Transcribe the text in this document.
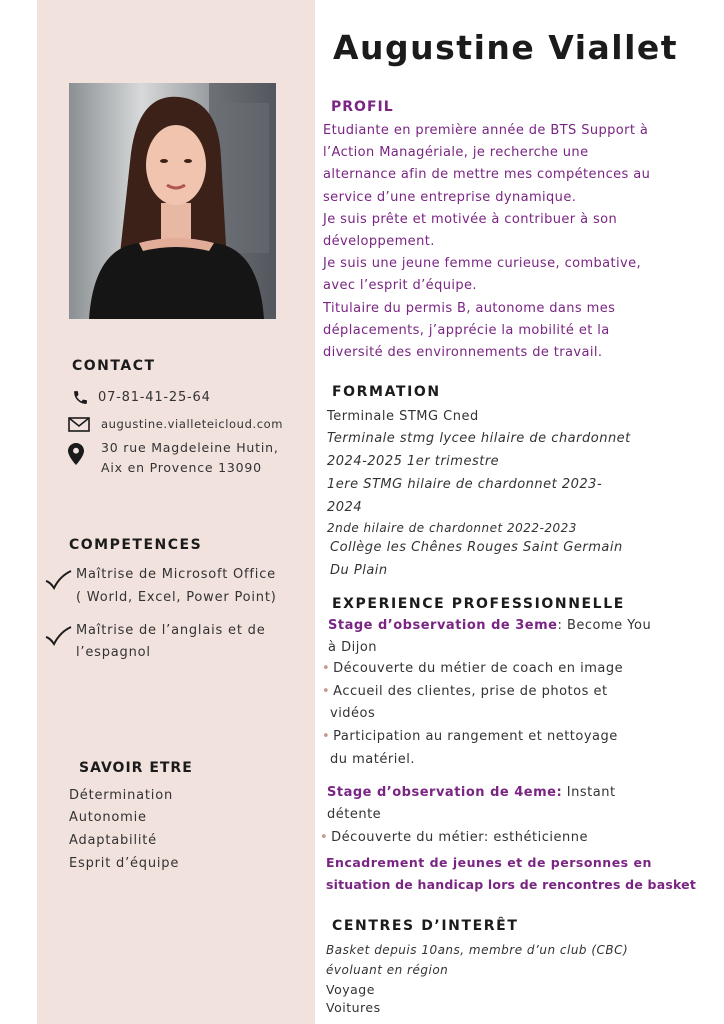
Augustine Viallet
CONTACT
07-81-41-25-64
augustine.vialleteicloud.com
30 rue Magdeleine Hutin,
Aix en Provence 13090
COMPETENCES
Maîtrise de Microsoft Office
( World, Excel, Power Point)
Maîtrise de l’anglais et de
l’espagnol
SAVOIR ETRE
Détermination
Autonomie
Adaptabilité
Esprit d’équipe
PROFIL
Etudiante en première année de BTS Support à
l’Action Managériale, je recherche une
alternance afin de mettre mes compétences au
service d’une entreprise dynamique.
Je suis prête et motivée à contribuer à son
développement.
Je suis une jeune femme curieuse, combative,
avec l’esprit d’équipe.
Titulaire du permis B, autonome dans mes
déplacements, j’apprécie la mobilité et la
diversité des environnements de travail.
FORMATION
Terminale STMG Cned
Terminale stmg lycee hilaire de chardonnet
2024-2025 1er trimestre
1ere STMG hilaire de chardonnet 2023-
2024
2nde hilaire de chardonnet 2022-2023
Collège les Chênes Rouges Saint Germain
Du Plain
EXPERIENCE PROFESSIONNELLE
Stage d’observation de 3eme: Become You
à Dijon
• Découverte du métier de coach en image
• Accueil des clientes, prise de photos et
vidéos
• Participation au rangement et nettoyage
du matériel.
Stage d’observation de 4eme: Instant
détente
• Découverte du métier: esthéticienne
Encadrement de jeunes et de personnes en
situation de handicap lors de rencontres de basket
CENTRES D’INTERÊT
Basket depuis 10ans, membre d’un club (CBC)
évoluant en région
Voyage
Voitures
